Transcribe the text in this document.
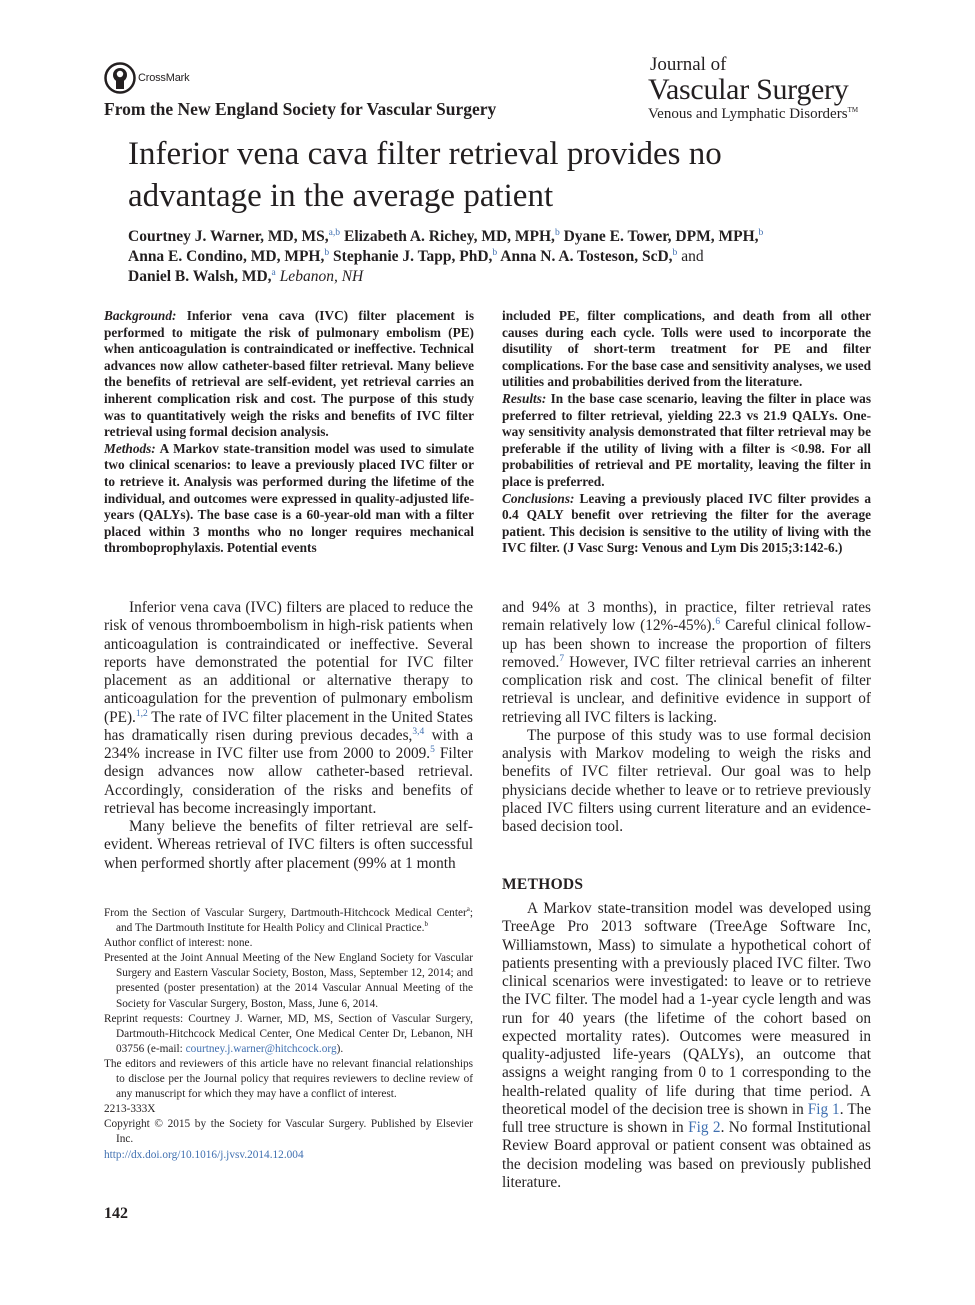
CrossMark
From the New England Society for Vascular Surgery
Journal of
Vascular Surgery
Venous and Lymphatic Disorders™
Inferior vena cava filter retrieval provides no
advantage in the average patient
Courtney J. Warner, MD, MS,$^{a,b}$ Elizabeth A. Richey, MD, MPH,$^b$ Dyane E. Tower, DPM, MPH,$^b$
Anna E. Condino, MD, MPH,$^b$ Stephanie J. Tapp, PhD,$^b$ Anna N. A. Tosteson, ScD,$^b$ and
Daniel B. Walsh, MD,$^a$ Lebanon, NH

Background: Inferior vena cava (IVC) filter placement is performed to mitigate the risk of pulmonary embolism (PE) when anticoagulation is contraindicated or ineffective. Technical advances now allow catheter-based filter retrieval. Many believe the benefits of retrieval are self-evident, yet retrieval carries an inherent complication risk and cost. The purpose of this study was to quantitatively weigh the risks and benefits of IVC filter retrieval using formal decision analysis.

Methods: A Markov state-transition model was used to simulate two clinical scenarios: to leave a previously placed IVC filter or to retrieve it. Analysis was performed during the lifetime of the individual, and outcomes were expressed in quality-adjusted life-years (QALYs). The base case is a 60-year-old man with a filter placed within 3 months who no longer requires mechanical thromboprophylaxis. Potential events

included PE, filter complications, and death from all other causes during each cycle. Tolls were used to incorporate the disutility of short-term treatment for PE and filter complications. For the base case and sensitivity analyses, we used utilities and probabilities derived from the literature.

Results: In the base case scenario, leaving the filter in place was preferred to filter retrieval, yielding 22.3 vs 21.9 QALYs. One-way sensitivity analysis demonstrated that filter retrieval may be preferable if the utility of living with a filter is <0.98. For all probabilities of retrieval and PE mortality, leaving the filter in place is preferred.

Conclusions: Leaving a previously placed IVC filter provides a 0.4 QALY benefit over retrieving the filter for the average patient. This decision is sensitive to the utility of living with the IVC filter. (J Vasc Surg: Venous and Lym Dis 2015;3:142-6.)

Inferior vena cava (IVC) filters are placed to reduce the risk of venous thromboembolism in high-risk patients when anticoagulation is contraindicated or ineffective. Several reports have demonstrated the potential for IVC filter placement as an additional or alternative therapy to anticoagulation for the prevention of pulmonary embolism (PE).$^{1,2}$ The rate of IVC filter placement in the United States has dramatically risen during previous decades,$^{3,4}$ with a 234% increase in IVC filter use from 2000 to 2009.$^5$ Filter design advances now allow catheter-based retrieval. Accordingly, consideration of the risks and benefits of retrieval has become increasingly important.

Many believe the benefits of filter retrieval are self-evident. Whereas retrieval of IVC filters is often successful when performed shortly after placement (99% at 1 month

and 94% at 3 months), in practice, filter retrieval rates remain relatively low (12%-45%).$^6$ Careful clinical follow-up has been shown to increase the proportion of filters removed.$^7$ However, IVC filter retrieval carries an inherent complication risk and cost. The clinical benefit of filter retrieval is unclear, and definitive evidence in support of retrieving all IVC filters is lacking.

The purpose of this study was to use formal decision analysis with Markov modeling to weigh the risks and benefits of IVC filter retrieval. Our goal was to help physicians decide whether to leave or to retrieve previously placed IVC filters using current literature and an evidence-based decision tool.

METHODS

A Markov state-transition model was developed using TreeAge Pro 2013 software (TreeAge Software Inc, Williamstown, Mass) to simulate a hypothetical cohort of patients presenting with a previously placed IVC filter. Two clinical scenarios were investigated: to leave or to retrieve the IVC filter. The model had a 1-year cycle length and was run for 40 years (the lifetime of the cohort based on expected mortality rates). Outcomes were measured in quality-adjusted life-years (QALYs), an outcome that assigns a weight ranging from 0 to 1 corresponding to the health-related quality of life during that time period. A theoretical model of the decision tree is shown in Fig 1. The full tree structure is shown in Fig 2. No formal Institutional Review Board approval or patient consent was obtained as the decision modeling was based on previously published literature.

From the Section of Vascular Surgery, Dartmouth-Hitchcock Medical Center$^a$; and The Dartmouth Institute for Health Policy and Clinical Practice.$^b$

Author conflict of interest: none.

Presented at the Joint Annual Meeting of the New England Society for Vascular Surgery and Eastern Vascular Society, Boston, Mass, September 12, 2014; and presented (poster presentation) at the 2014 Vascular Annual Meeting of the Society for Vascular Surgery, Boston, Mass, June 6, 2014.

Reprint requests: Courtney J. Warner, MD, MS, Section of Vascular Surgery, Dartmouth-Hitchcock Medical Center, One Medical Center Dr, Lebanon, NH 03756 (e-mail: courtney.j.warner@hitchcock.org).

The editors and reviewers of this article have no relevant financial relationships to disclose per the Journal policy that requires reviewers to decline review of any manuscript for which they may have a conflict of interest.

2213-333X

Copyright © 2015 by the Society for Vascular Surgery. Published by Elsevier Inc.

http://dx.doi.org/10.1016/j.jvsv.2014.12.004

142
